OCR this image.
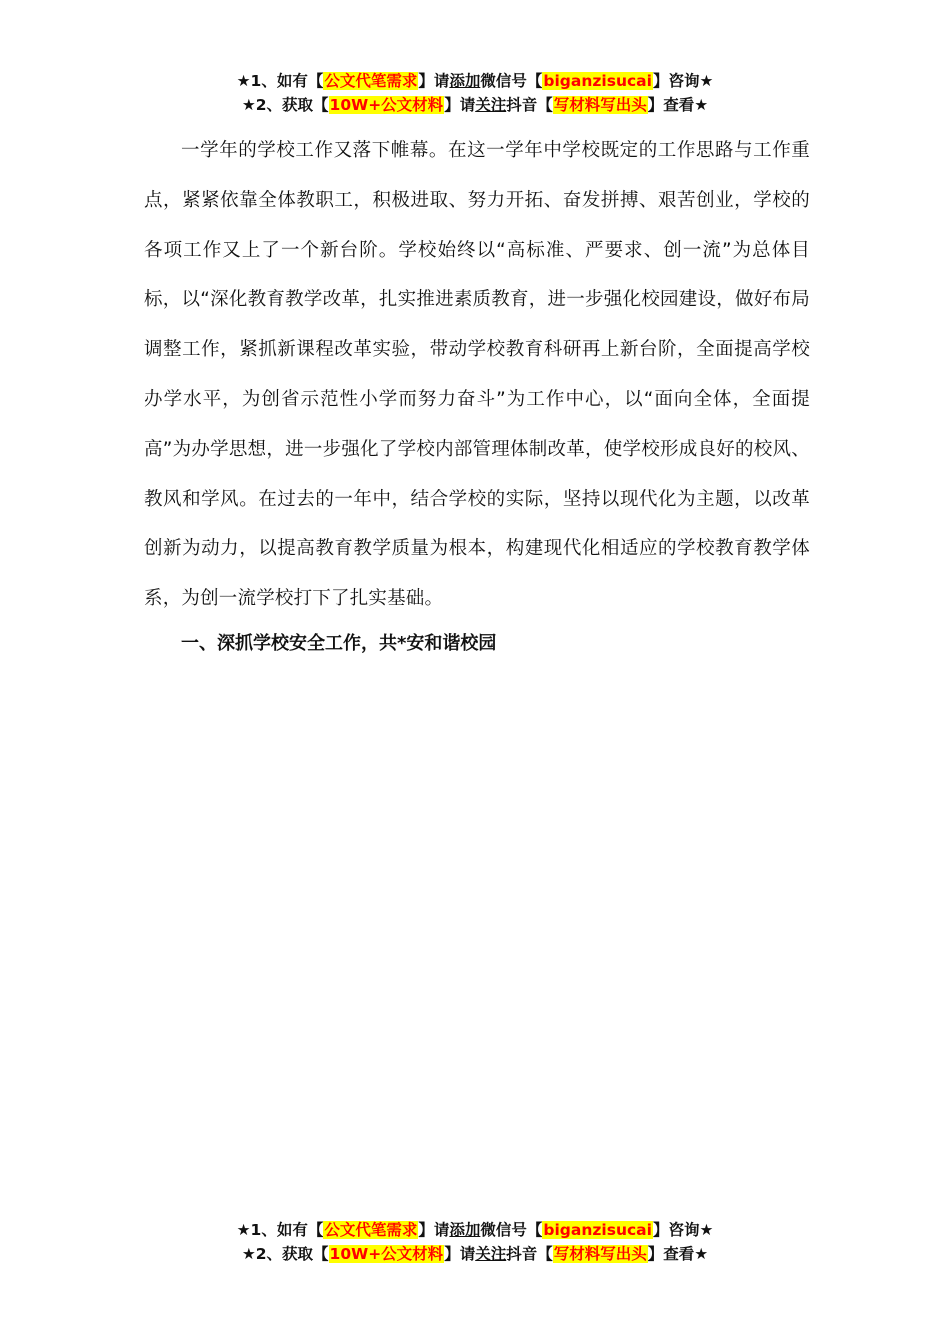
★1、如有【公文代笔需求】请添加微信号【biganzisucai】咨询★
★2、获取【10W+公文材料】请关注抖音【写材料写出头】查看★

一学年的学校工作又落下帷幕。在这一学年中学校既定的工作思路与工作重点，紧紧依靠全体教职工，积极进取、努力开拓、奋发拼搏、艰苦创业，学校的各项工作又上了一个新台阶。学校始终以“高标准、严要求、创一流”为总体目标，以“深化教育教学改革，扎实推进素质教育，进一步强化校园建设，做好布局调整工作，紧抓新课程改革实验，带动学校教育科研再上新台阶，全面提高学校办学水平，为创省示范性小学而努力奋斗”为工作中心，以“面向全体，全面提高”为办学思想，进一步强化了学校内部管理体制改革，使学校形成良好的校风、教风和学风。在过去的一年中，结合学校的实际，坚持以现代化为主题，以改革创新为动力，以提高教育教学质量为根本，构建现代化相适应的学校教育教学体系，为创一流学校打下了扎实基础。

一、深抓学校安全工作，共*安和谐校园

★1、如有【公文代笔需求】请添加微信号【biganzisucai】咨询★
★2、获取【10W+公文材料】请关注抖音【写材料写出头】查看★
